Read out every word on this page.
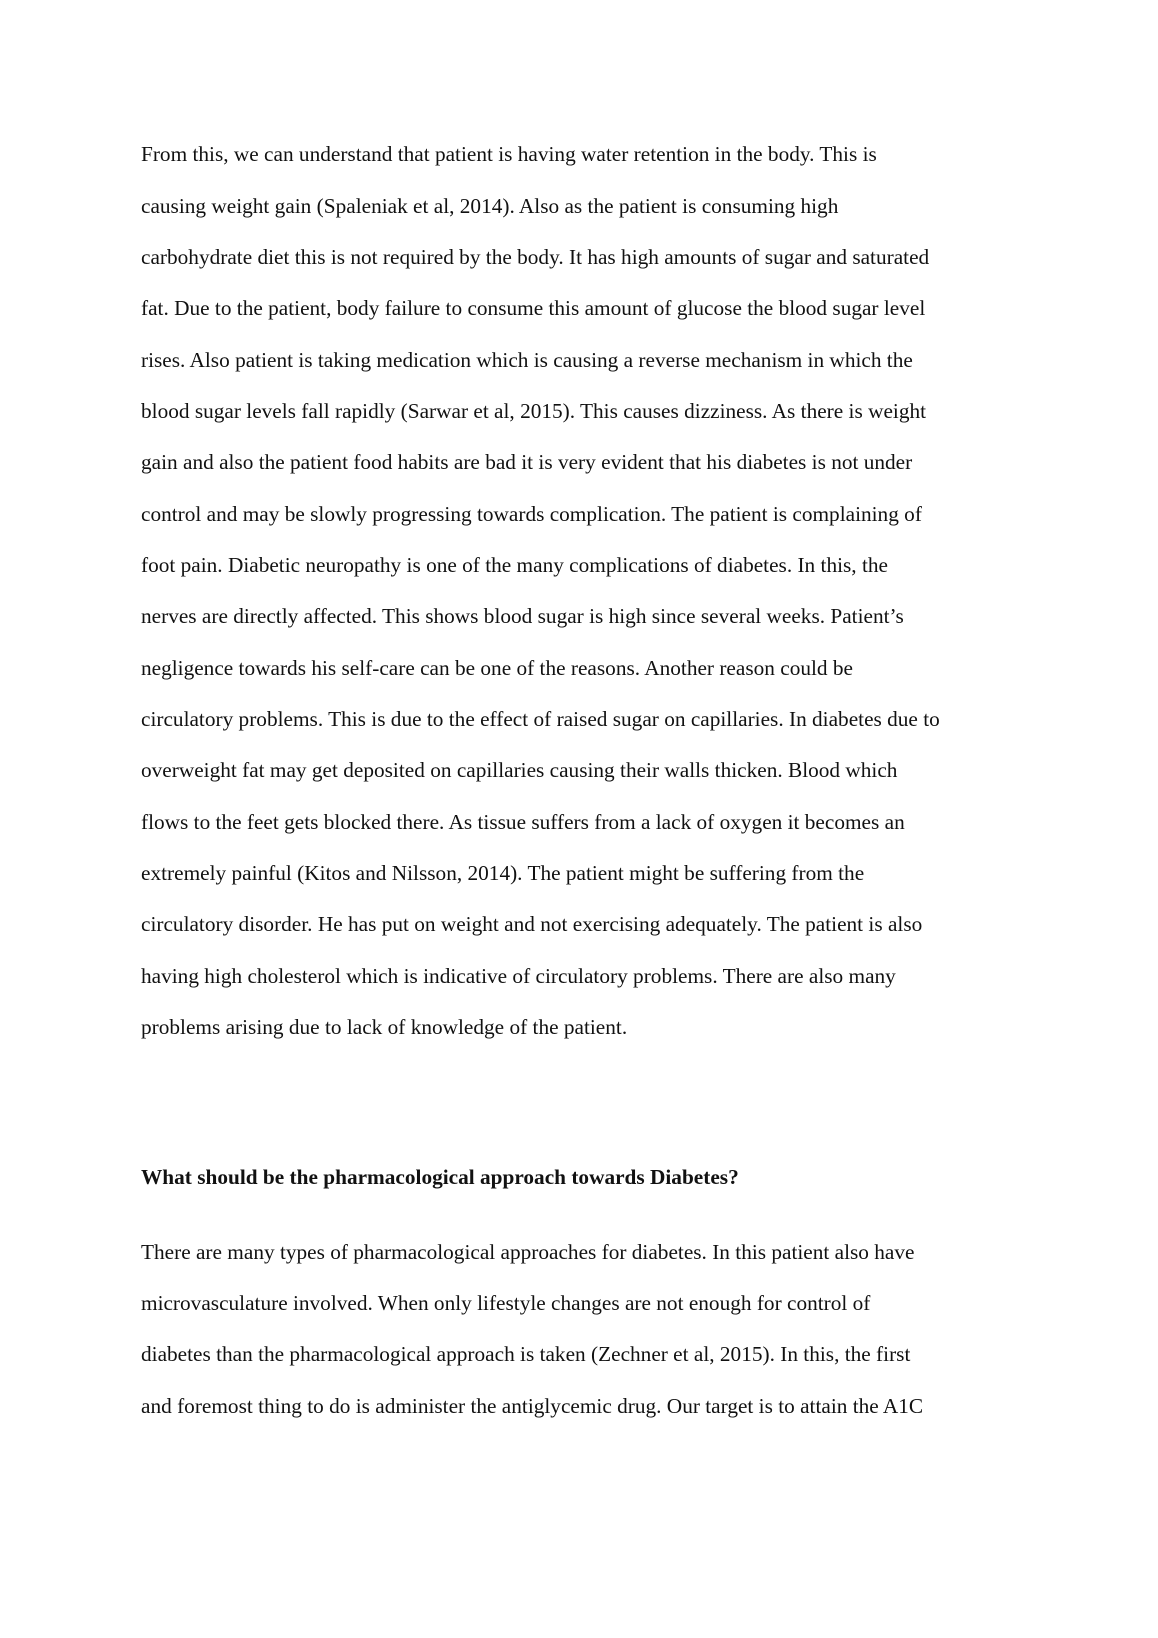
From this, we can understand that patient is having water retention in the body. This is

causing weight gain (Spaleniak et al, 2014). Also as the patient is consuming high

carbohydrate diet this is not required by the body. It has high amounts of sugar and saturated

fat. Due to the patient, body failure to consume this amount of glucose the blood sugar level

rises. Also patient is taking medication which is causing a reverse mechanism in which the

blood sugar levels fall rapidly (Sarwar et al, 2015). This causes dizziness. As there is weight

gain and also the patient food habits are bad it is very evident that his diabetes is not under

control and may be slowly progressing towards complication. The patient is complaining of

foot pain. Diabetic neuropathy is one of the many complications of diabetes. In this, the

nerves are directly affected. This shows blood sugar is high since several weeks. Patient’s

negligence towards his self-care can be one of the reasons. Another reason could be

circulatory problems. This is due to the effect of raised sugar on capillaries. In diabetes due to

overweight fat may get deposited on capillaries causing their walls thicken. Blood which

flows to the feet gets blocked there. As tissue suffers from a lack of oxygen it becomes an

extremely painful (Kitos and Nilsson, 2014). The patient might be suffering from the

circulatory disorder. He has put on weight and not exercising adequately. The patient is also

having high cholesterol which is indicative of circulatory problems. There are also many

problems arising due to lack of knowledge of the patient.

What should be the pharmacological approach towards Diabetes?

There are many types of pharmacological approaches for diabetes. In this patient also have

microvasculature involved. When only lifestyle changes are not enough for control of

diabetes than the pharmacological approach is taken (Zechner et al, 2015). In this, the first

and foremost thing to do is administer the antiglycemic drug. Our target is to attain the A1C
